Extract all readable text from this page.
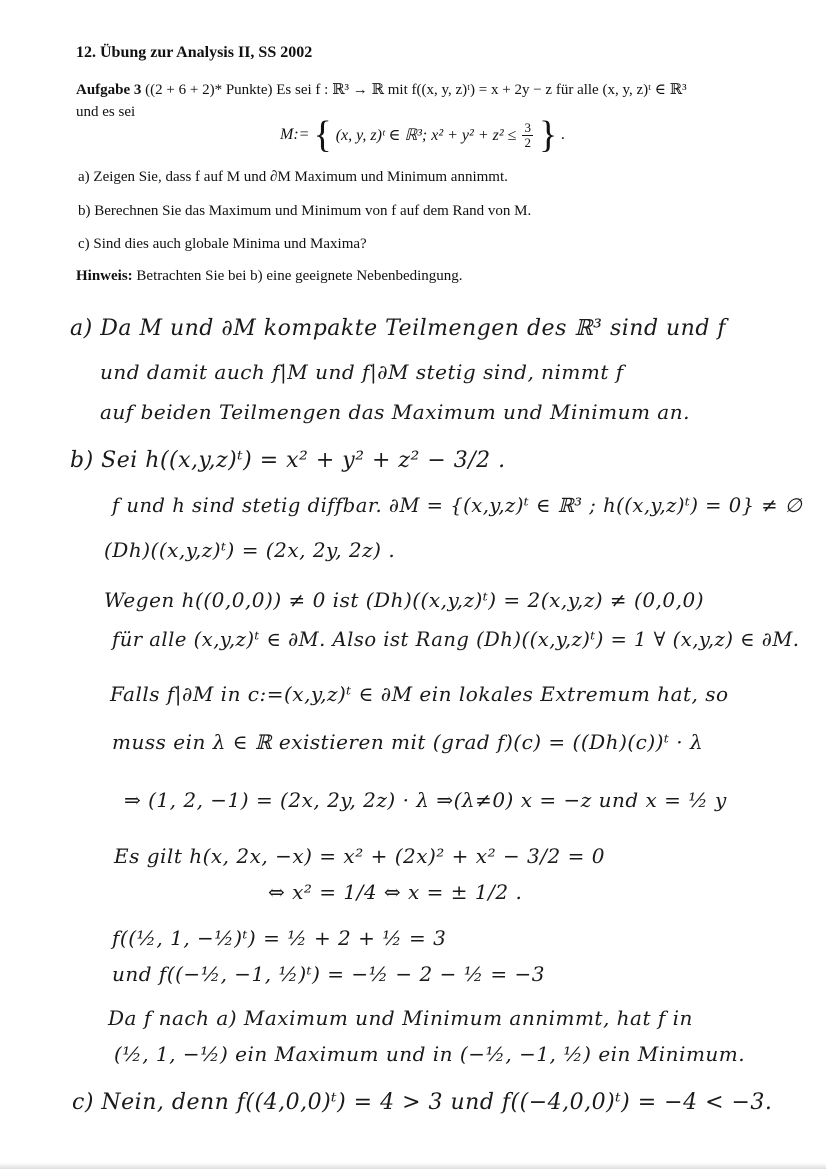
12. Übung zur Analysis II, SS 2002
Aufgabe 3 ((2 + 6 + 2)* Punkte) Es sei f : ℝ³ → ℝ mit f((x, y, z)ᵗ) = x + 2y − z für alle (x, y, z)ᵗ ∈ ℝ³
und es sei
M:= { (x, y, z)ᵗ ∈ ℝ³; $x^2 + y^2 + z^2 \le \frac{3}{2}$ } .
a) Zeigen Sie, dass f auf M und ∂M Maximum und Minimum annimmt.
b) Berechnen Sie das Maximum und Minimum von f auf dem Rand von M.
c) Sind dies auch globale Minima und Maxima?
Hinweis: Betrachten Sie bei b) eine geeignete Nebenbedingung.
a) Da M und ∂M kompakte Teilmengen des ℝ³ sind und f
und damit auch f|M und f|∂M stetig sind, nimmt f
auf beiden Teilmengen das Maximum und Minimum an.
b) Sei h((x,y,z)ᵗ) = x² + y² + z² − 3/2 .
f und h sind stetig diffbar. ∂M = {(x,y,z)ᵗ ∈ ℝ³ ; h((x,y,z)ᵗ) = 0} ≠ ∅
(Dh)((x,y,z)ᵗ) = (2x, 2y, 2z) .
Wegen h((0,0,0)) ≠ 0 ist (Dh)((x,y,z)ᵗ) = 2(x,y,z) ≠ (0,0,0)
für alle (x,y,z)ᵗ ∈ ∂M. Also ist Rang (Dh)((x,y,z)ᵗ) = 1 ∀ (x,y,z) ∈ ∂M.
Falls f|∂M in c:=(x,y,z)ᵗ ∈ ∂M ein lokales Extremum hat, so
muss ein λ ∈ ℝ existieren mit (grad f)(c) = ((Dh)(c))ᵗ · λ
⇒ (1, 2, −1) = (2x, 2y, 2z) · λ ⇒(λ≠0) x = −z und x = ½ y
Es gilt h(x, 2x, −x) = x² + (2x)² + x² − 3/2 = 0
⇔ x² = 1/4 ⇔ x = ± 1/2 .
f((½, 1, −½)ᵗ) = ½ + 2 + ½ = 3
und f((−½, −1, ½)ᵗ) = −½ − 2 − ½ = −3
Da f nach a) Maximum und Minimum annimmt, hat f in
(½, 1, −½) ein Maximum und in (−½, −1, ½) ein Minimum.
c) Nein, denn f((4,0,0)ᵗ) = 4 > 3 und f((−4,0,0)ᵗ) = −4 < −3.
